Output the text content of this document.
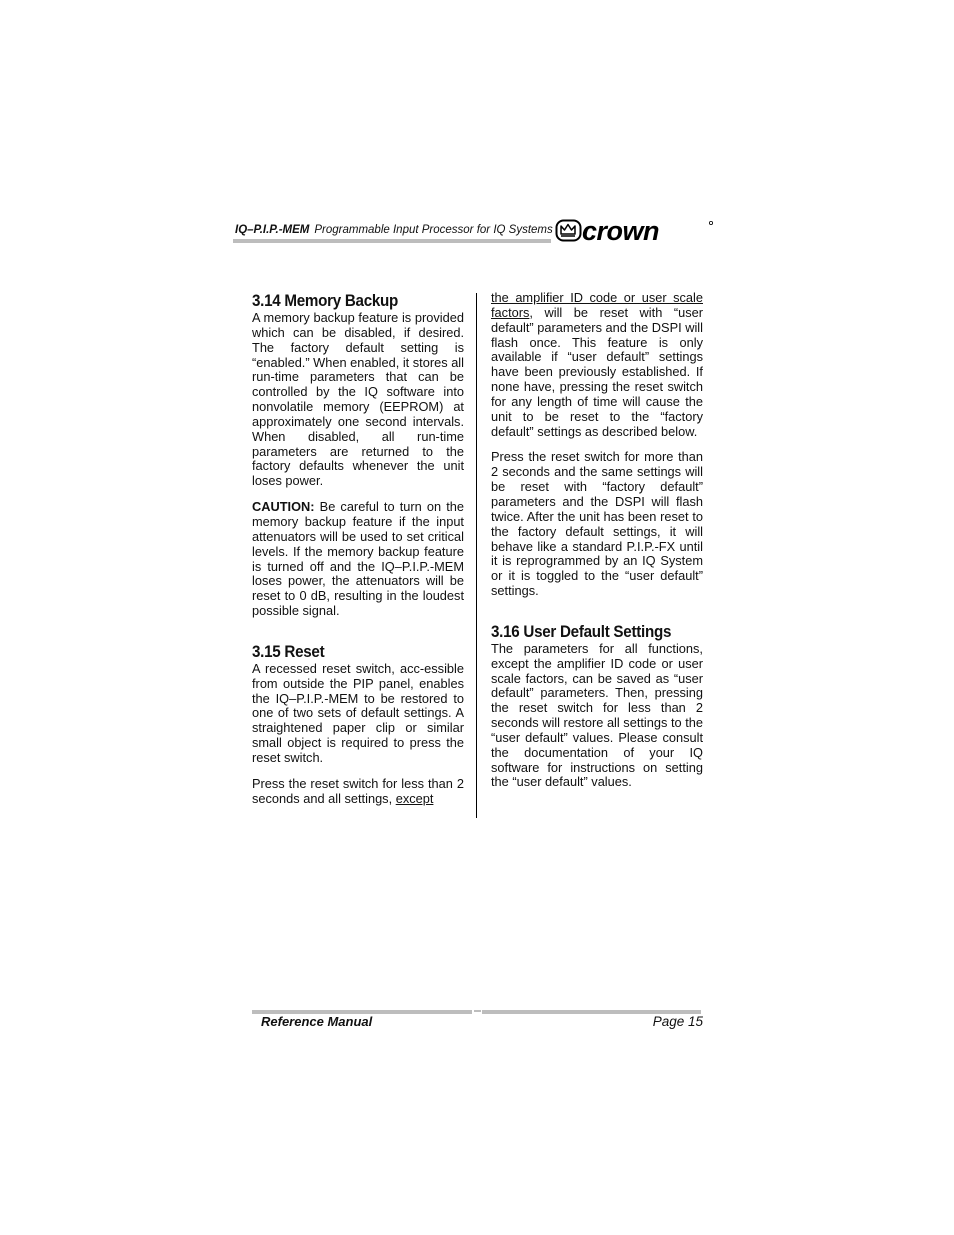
IQ–P.I.P.-MEM Programmable Input Processor for IQ Systems crown
3.14 Memory Backup

A memory backup feature is provided which can be disabled, if desired. The factory default setting is “enabled.” When enabled, it stores all run-time parameters that can be controlled by the IQ software into nonvolatile memory (EEPROM) at approximately one second intervals. When disabled, all run-time parameters are returned to the factory defaults whenever the unit loses power.

CAUTION: Be careful to turn on the memory backup feature if the input attenuators will be used to set critical levels. If the memory backup feature is turned off and the IQ–P.I.P.-MEM loses power, the attenuators will be reset to 0 dB, resulting in the loudest possible signal.

3.15 Reset

A recessed reset switch, acc-essible from outside the PIP panel, enables the IQ–P.I.P.-MEM to be restored to one of two sets of default settings. A straightened paper clip or similar small object is required to press the reset switch.

Press the reset switch for less than 2 seconds and all settings, except

the amplifier ID code or user scale factors, will be reset with “user default” parameters and the DSPI will flash once. This feature is only available if “user default” settings have been previously established. If none have, pressing the reset switch for any length of time will cause the unit to be reset to the “factory default” settings as described below.

Press the reset switch for more than 2 seconds and the same settings will be reset with “factory default” parameters and the DSPI will flash twice. After the unit has been reset to the factory default settings, it will behave like a standard P.I.P.-FX until it is reprogrammed by an IQ System or it is toggled to the “user default” settings.

3.16 User Default Settings

The parameters for all functions, except the amplifier ID code or user scale factors, can be saved as “user default” parameters. Then, pressing the reset switch for less than 2 seconds will restore all settings to the “user default” values. Please consult the documentation of your IQ software for instructions on setting the “user default” values.

Reference Manual	Page 15
